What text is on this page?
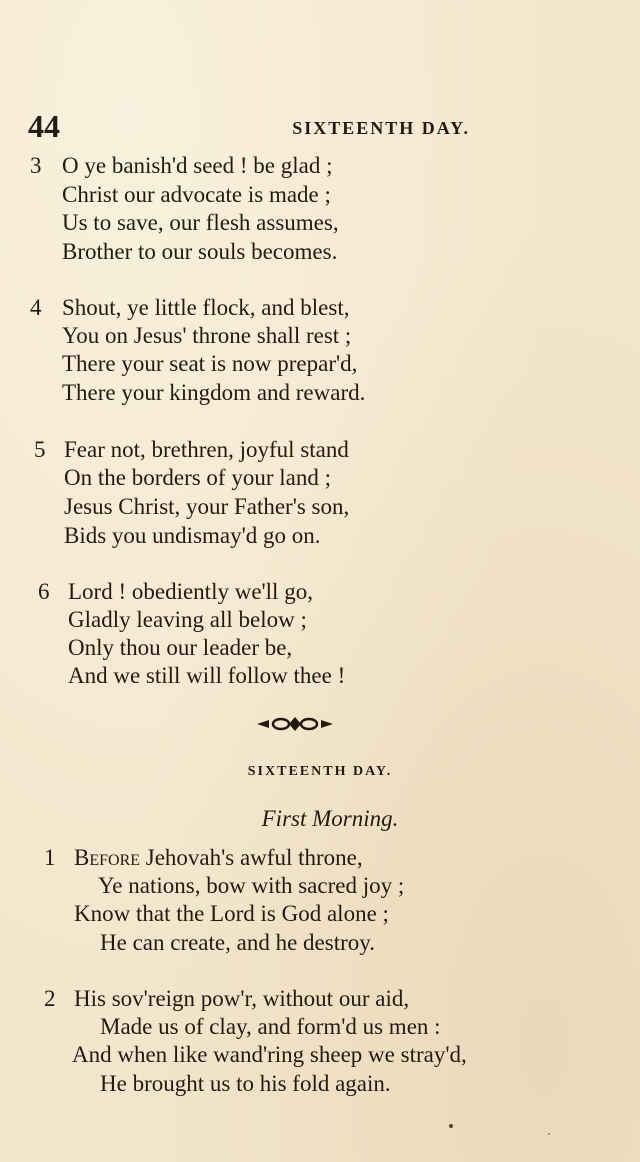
44	SIXTEENTH DAY.
3 O ye banish'd seed ! be glad ;
Christ our advocate is made ;
Us to save, our flesh assumes,
Brother to our souls becomes.
4 Shout, ye little flock, and blest,
You on Jesus' throne shall rest ;
There your seat is now prepar'd,
There your kingdom and reward.
5 Fear not, brethren, joyful stand
On the borders of your land ;
Jesus Christ, your Father's son,
Bids you undismay'd go on.
6 Lord ! obediently we'll go,
Gladly leaving all below ;
Only thou our leader be,
And we still will follow thee !
SIXTEENTH DAY.
First Morning.
1 Before Jehovah's awful throne,
Ye nations, bow with sacred joy ;
Know that the Lord is God alone ;
He can create, and he destroy.
2 His sov'reign pow'r, without our aid,
Made us of clay, and form'd us men :
And when like wand'ring sheep we stray'd,
He brought us to his fold again.
